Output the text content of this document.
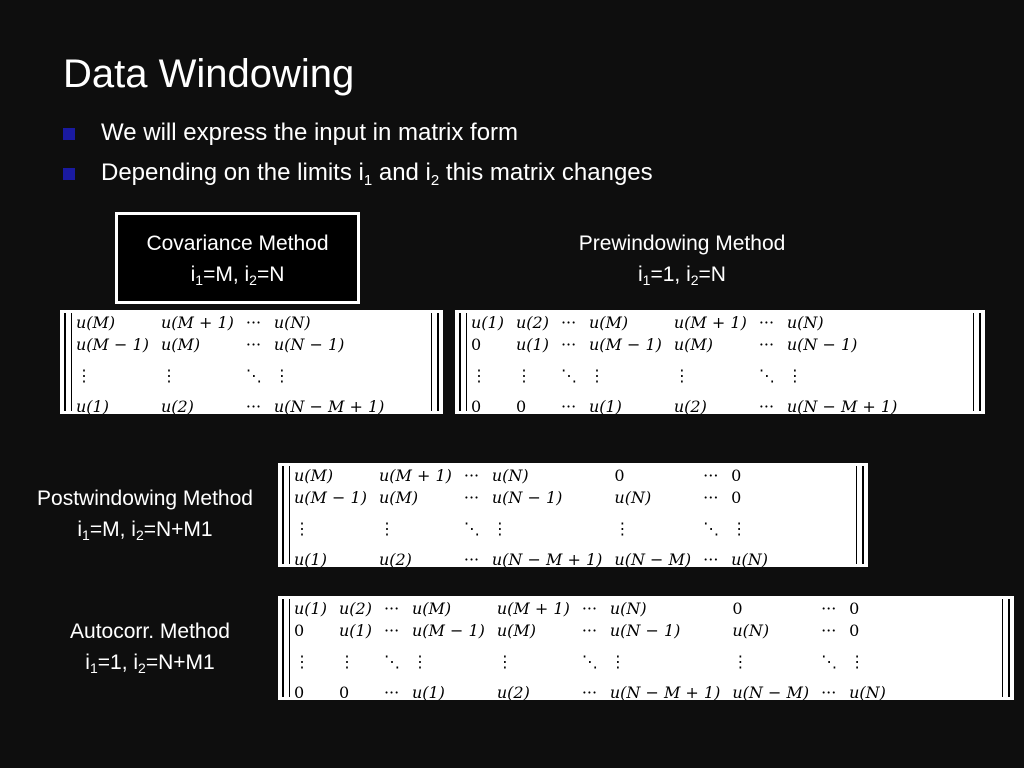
Data Windowing
We will express the input in matrix form
Depending on the limits $i_1$ and $i_2$ this matrix changes
Covariance Method
$i_1=M$, $i_2=N$
Prewindowing Method
$i_1=1$, $i_2=N$
Postwindowing Method
$i_1=M$, $i_2=N+M1$
Autocorr. Method
$i_1=1$, $i_2=N+M1$
u(M)	u(M + 1)	···	u(N)
u(M − 1)	u(M)	···	u(N − 1)
⋮	⋮	⋱	⋮
u(1)	u(2)	···	u(N − M + 1)
u(1)	u(2)	···	u(M)	u(M + 1)	···	u(N)
0	u(1)	···	u(M − 1)	u(M)	···	u(N − 1)
⋮	⋮	⋱	⋮	⋮	⋱	⋮
0	0	···	u(1)	u(2)	···	u(N − M + 1)
u(M)	u(M + 1)	···	u(N)	0	···	0
u(M − 1)	u(M)	···	u(N − 1)	u(N)	···	0
⋮	⋮	⋱	⋮	⋮	⋱	⋮
u(1)	u(2)	···	u(N − M + 1)	u(N − M)	···	u(N)
u(1)	u(2)	···	u(M)	u(M + 1)	···	u(N)	0	···	0
0	u(1)	···	u(M − 1)	u(M)	···	u(N − 1)	u(N)	···	0
⋮	⋮	⋱	⋮	⋮	⋱	⋮	⋮	⋱	⋮
0	0	···	u(1)	u(2)	···	u(N − M + 1)	u(N − M)	···	u(N)
